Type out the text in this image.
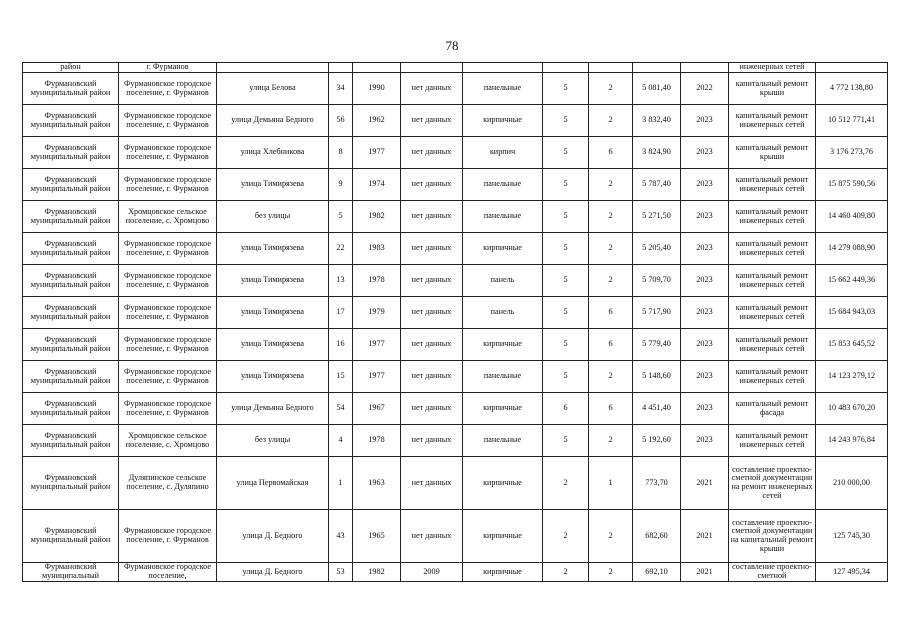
78
район	г. Фурманов										инженерных сетей	
Фурмановский муниципальный район	Фурмановское городское поселение, г. Фурманов	улица Белова	34	1990	нет данных	панельные	5	2	5 081,40	2022	капитальный ремонт крыши	4 772 138,80
Фурмановский муниципальный район	Фурмановское городское поселение, г. Фурманов	улица Демьяна Бедного	56	1962	нет данных	кирпичные	5	2	3 832,40	2023	капитальный ремонт инженерных сетей	10 512 771,41
Фурмановский муниципальный район	Фурмановское городское поселение, г. Фурманов	улица Хлебникова	8	1977	нет данных	кирпич	5	6	3 824,90	2023	капитальный ремонт крыши	3 176 273,76
Фурмановский муниципальный район	Фурмановское городское поселение, г. Фурманов	улица Тимирязева	9	1974	нет данных	панельные	5	2	5 787,40	2023	капитальный ремонт инженерных сетей	15 875 590,56
Фурмановский муниципальный район	Хромцовское сельское поселение, с. Хромцово	без улицы	5	1982	нет данных	панельные	5	2	5 271,50	2023	капитальный ремонт инженерных сетей	14 460 409,80
Фурмановский муниципальный район	Фурмановское городское поселение, г. Фурманов	улица Тимирязева	22	1983	нет данных	кирпичные	5	2	5 205,40	2023	капитальный ремонт инженерных сетей	14 279 088,90
Фурмановский муниципальный район	Фурмановское городское поселение, г. Фурманов	улица Тимирязева	13	1978	нет данных	панель	5	2	5 709,70	2023	капитальный ремонт инженерных сетей	15 662 449,36
Фурмановский муниципальный район	Фурмановское городское поселение, г. Фурманов	улица Тимирязева	17	1979	нет данных	панель	5	6	5 717,90	2023	капитальный ремонт инженерных сетей	15 684 943,03
Фурмановский муниципальный район	Фурмановское городское поселение, г. Фурманов	улица Тимирязева	16	1977	нет данных	кирпичные	5	6	5 779,40	2023	капитальный ремонт инженерных сетей	15 853 645,52
Фурмановский муниципальный район	Фурмановское городское поселение, г. Фурманов	улица Тимирязева	15	1977	нет данных	панельные	5	2	5 148,60	2023	капитальный ремонт инженерных сетей	14 123 279,12
Фурмановский муниципальный район	Фурмановское городское поселение, г. Фурманов	улица Демьяна Бедного	54	1967	нет данных	кирпичные	6	6	4 451,40	2023	капитальный ремонт фасада	10 483 670,20
Фурмановский муниципальный район	Хромцовское сельское поселение, с. Хромцово	без улицы	4	1978	нет данных	панельные	5	2	5 192,60	2023	капитальный ремонт инженерных сетей	14 243 976,84
Фурмановский муниципальный район	Дуляпинское сельское поселение, с. Дуляпино	улица Первомайская	1	1963	нет данных	кирпичные	2	1	773,70	2021	составление проектно-сметной документации на ремонт инженерных сетей	210 000,00
Фурмановский муниципальный район	Фурмановское городское поселение, г. Фурманов	улица Д. Бедного	43	1965	нет данных	кирпичные	2	2	682,60	2021	составление проектно-сметной документации на капитальный ремонт крыши	125 745,30
Фурмановский муниципальный	Фурмановское городское поселение,	улица Д. Бедного	53	1982	2009	кирпичные	2	2	692,10	2021	составление проектно-сметной	127 495,34
